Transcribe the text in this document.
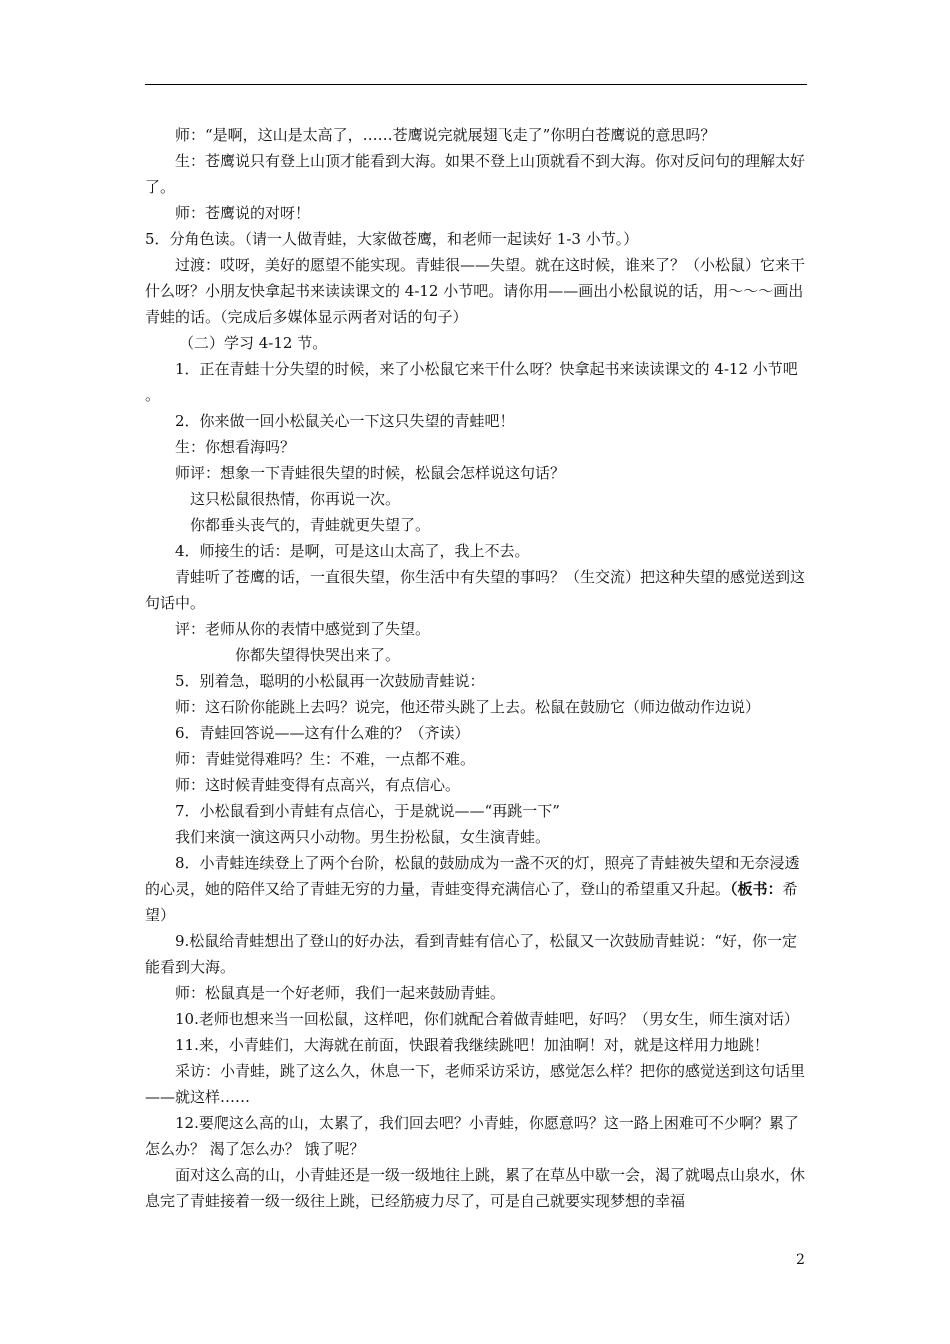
师：“是啊，这山是太高了，……苍鹰说完就展翅飞走了”你明白苍鹰说的意思吗？
生：苍鹰说只有登上山顶才能看到大海。如果不登上山顶就看不到大海。你对反问句的理解太好了。
师：苍鹰说的对呀！
5．分角色读。（请一人做青蛙，大家做苍鹰，和老师一起读好 1-3 小节。）
过渡：哎呀，美好的愿望不能实现。青蛙很——失望。就在这时候，谁来了？（小松鼠）它来干什么呀？小朋友快拿起书来读读课文的 4-12 小节吧。请你用——画出小松鼠说的话，用～～～画出青蛙的话。（完成后多媒体显示两者对话的句子）
（二）学习 4-12 节。
1．正在青蛙十分失望的时候，来了小松鼠它来干什么呀？快拿起书来读读课文的 4-12 小节吧。
2．你来做一回小松鼠关心一下这只失望的青蛙吧！
生：你想看海吗？
师评：想象一下青蛙很失望的时候，松鼠会怎样说这句话？
这只松鼠很热情，你再说一次。
你都垂头丧气的，青蛙就更失望了。
4．师接生的话：是啊，可是这山太高了，我上不去。
青蛙听了苍鹰的话，一直很失望，你生活中有失望的事吗？（生交流）把这种失望的感觉送到这句话中。
评：老师从你的表情中感觉到了失望。
你都失望得快哭出来了。
5．别着急，聪明的小松鼠再一次鼓励青蛙说：
师：这石阶你能跳上去吗？说完，他还带头跳了上去。松鼠在鼓励它（师边做动作边说）
6．青蛙回答说——这有什么难的？（齐读）
师：青蛙觉得难吗？生：不难，一点都不难。
师：这时候青蛙变得有点高兴，有点信心。
7．小松鼠看到小青蛙有点信心，于是就说——“再跳一下”
我们来演一演这两只小动物。男生扮松鼠，女生演青蛙。
8．小青蛙连续登上了两个台阶，松鼠的鼓励成为一盏不灭的灯，照亮了青蛙被失望和无奈浸透的心灵，她的陪伴又给了青蛙无穷的力量，青蛙变得充满信心了，登山的希望重又升起。（板书：希望）
9.松鼠给青蛙想出了登山的好办法，看到青蛙有信心了，松鼠又一次鼓励青蛙说：“好，你一定能看到大海。
师：松鼠真是一个好老师，我们一起来鼓励青蛙。
10.老师也想来当一回松鼠，这样吧，你们就配合着做青蛙吧，好吗？（男女生，师生演对话）
11.来，小青蛙们，大海就在前面，快跟着我继续跳吧！加油啊！对，就是这样用力地跳！
采访：小青蛙，跳了这么久，休息一下，老师采访采访，感觉怎么样？把你的感觉送到这句话里——就这样……
12.要爬这么高的山，太累了，我们回去吧？小青蛙，你愿意吗？这一路上困难可不少啊？累了怎么办？ 渴了怎么办？ 饿了呢？
面对这么高的山，小青蛙还是一级一级地往上跳，累了在草丛中歇一会，渴了就喝点山泉水，休息完了青蛙接着一级一级往上跳，已经筋疲力尽了，可是自己就要实现梦想的幸福
2
